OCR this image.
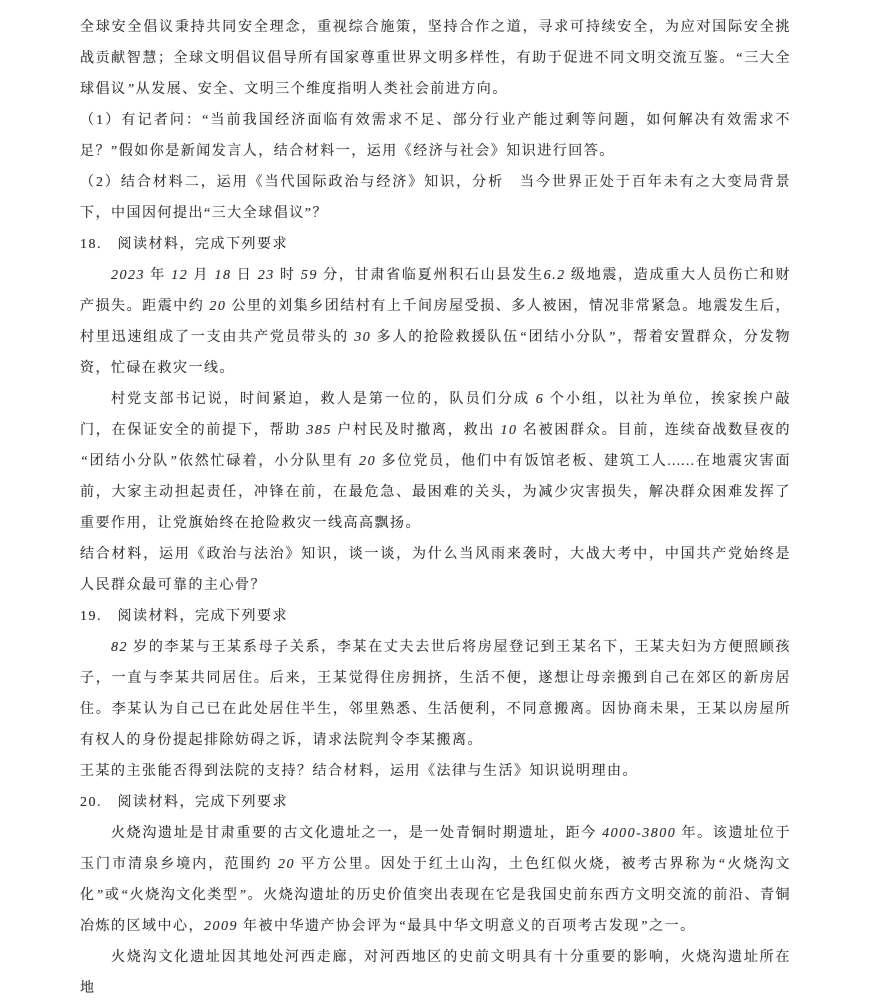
全球安全倡议秉持共同安全理念，重视综合施策，坚持合作之道，寻求可持续安全，为应对国际安全挑战贡献智慧；全球文明倡议倡导所有国家尊重世界文明多样性，有助于促进不同文明交流互鉴。“三大全球倡议”从发展、安全、文明三个维度指明人类社会前进方向。

（1）有记者问：“当前我国经济面临有效需求不足、部分行业产能过剩等问题，如何解决有效需求不足？”假如你是新闻发言人，结合材料一，运用《经济与社会》知识进行回答。

（2）结合材料二，运用《当代国际政治与经济》知识，分析　当今世界正处于百年未有之大变局背景下，中国因何提出“三大全球倡议”？

18.　阅读材料，完成下列要求

2023 年 12 月 18 日 23 时 59 分，甘肃省临夏州积石山县发生6.2 级地震，造成重大人员伤亡和财产损失。距震中约 20 公里的刘集乡团结村有上千间房屋受损、多人被困，情况非常紧急。地震发生后，村里迅速组成了一支由共产党员带头的 30 多人的抢险救援队伍“团结小分队”，帮着安置群众，分发物资，忙碌在救灾一线。

村党支部书记说，时间紧迫，救人是第一位的，队员们分成 6 个小组，以社为单位，挨家挨户敲门，在保证安全的前提下，帮助 385 户村民及时撤离，救出 10 名被困群众。目前，连续奋战数昼夜的“团结小分队”依然忙碌着，小分队里有 20 多位党员，他们中有饭馆老板、建筑工人……在地震灾害面前，大家主动担起责任，冲锋在前，在最危急、最困难的关头，为减少灾害损失，解决群众困难发挥了重要作用，让党旗始终在抢险救灾一线高高飘扬。

结合材料，运用《政治与法治》知识，谈一谈，为什么当风雨来袭时，大战大考中，中国共产党始终是人民群众最可靠的主心骨？

19.　阅读材料，完成下列要求

82 岁的李某与王某系母子关系，李某在丈夫去世后将房屋登记到王某名下，王某夫妇为方便照顾孩子，一直与李某共同居住。后来，王某觉得住房拥挤，生活不便，遂想让母亲搬到自己在郊区的新房居住。李某认为自己已在此处居住半生，邻里熟悉、生活便利，不同意搬离。因协商未果，王某以房屋所有权人的身份提起排除妨碍之诉，请求法院判令李某搬离。

王某的主张能否得到法院的支持？结合材料，运用《法律与生活》知识说明理由。

20.　阅读材料，完成下列要求

火烧沟遗址是甘肃重要的古文化遗址之一，是一处青铜时期遗址，距今 4000-3800 年。该遗址位于玉门市清泉乡境内，范围约 20 平方公里。因处于红土山沟，土色红似火烧，被考古界称为“火烧沟文化”或“火烧沟文化类型”。火烧沟遗址的历史价值突出表现在它是我国史前东西方文明交流的前沿、青铜冶炼的区域中心，2009 年被中华遗产协会评为“最具中华文明意义的百项考古发现”之一。

火烧沟文化遗址因其地处河西走廊，对河西地区的史前文明具有十分重要的影响，火烧沟遗址所在地
